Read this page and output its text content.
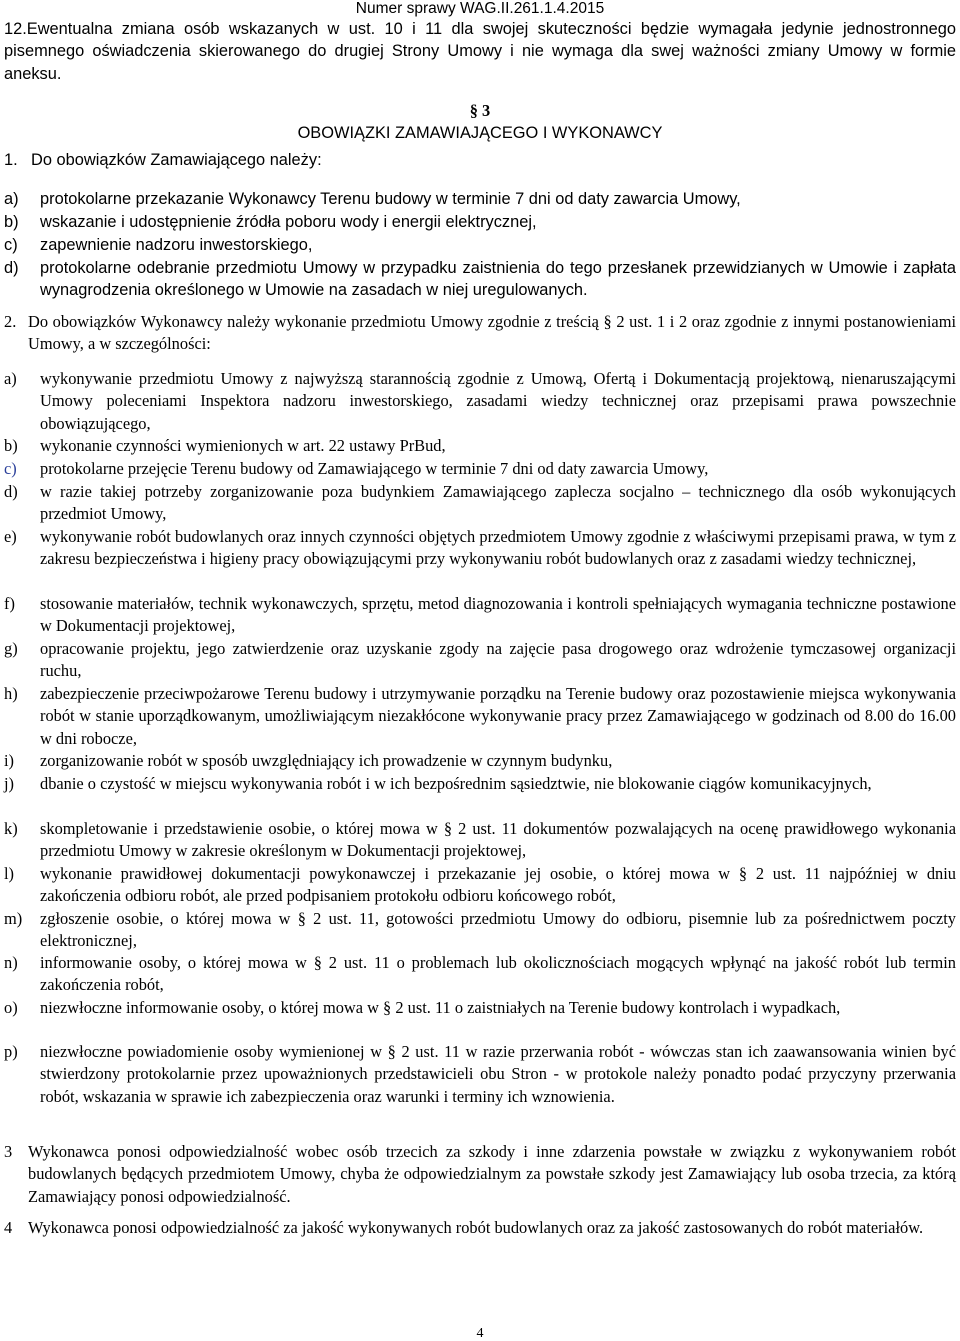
Numer sprawy WAG.II.261.1.4.2015
12.Ewentualna zmiana osób wskazanych w ust. 10 i 11 dla swojej skuteczności będzie wymagała jedynie jednostronnego pisemnego oświadczenia skierowanego do drugiej Strony Umowy i nie wymaga dla swej ważności zmiany Umowy w formie aneksu.
§ 3
OBOWIĄZKI ZAMAWIAJĄCEGO I WYKONAWCY
1. Do obowiązków Zamawiającego należy:
a) protokolarne przekazanie Wykonawcy Terenu budowy w terminie 7 dni od daty zawarcia Umowy,
b) wskazanie i udostępnienie źródła poboru wody i energii elektrycznej,
c) zapewnienie nadzoru inwestorskiego,
d) protokolarne odebranie przedmiotu Umowy w przypadku zaistnienia do tego przesłanek przewidzianych w Umowie i zapłata wynagrodzenia określonego w Umowie na zasadach w niej uregulowanych.
2. Do obowiązków Wykonawcy należy wykonanie przedmiotu Umowy zgodnie z treścią § 2 ust. 1 i 2 oraz zgodnie z innymi postanowieniami Umowy, a w szczególności:
a) wykonywanie przedmiotu Umowy z najwyższą starannością zgodnie z Umową, Ofertą i Dokumentacją projektową, nienaruszającymi Umowy poleceniami Inspektora nadzoru inwestorskiego, zasadami wiedzy technicznej oraz przepisami prawa powszechnie obowiązującego,
b) wykonanie czynności wymienionych w art. 22 ustawy PrBud,
c) protokolarne przejęcie Terenu budowy od Zamawiającego w terminie 7 dni od daty zawarcia Umowy,
d) w razie takiej potrzeby zorganizowanie poza budynkiem Zamawiającego zaplecza socjalno – technicznego dla osób wykonujących przedmiot Umowy,
e) wykonywanie robót budowlanych oraz innych czynności objętych przedmiotem Umowy zgodnie z właściwymi przepisami prawa, w tym z zakresu bezpieczeństwa i higieny pracy obowiązującymi przy wykonywaniu robót budowlanych oraz z zasadami wiedzy technicznej,
f) stosowanie materiałów, technik wykonawczych, sprzętu, metod diagnozowania i kontroli spełniających wymagania techniczne postawione w Dokumentacji projektowej,
g) opracowanie projektu, jego zatwierdzenie oraz uzyskanie zgody na zajęcie pasa drogowego oraz wdrożenie tymczasowej organizacji ruchu,
h) zabezpieczenie przeciwpożarowe Terenu budowy i utrzymywanie porządku na Terenie budowy oraz pozostawienie miejsca wykonywania robót w stanie uporządkowanym, umożliwiającym niezakłócone wykonywanie pracy przez Zamawiającego w godzinach od 8.00 do 16.00 w dni robocze,
i) zorganizowanie robót w sposób uwzględniający ich prowadzenie w czynnym budynku,
j) dbanie o czystość w miejscu wykonywania robót i w ich bezpośrednim sąsiedztwie, nie blokowanie ciągów komunikacyjnych,
k) skompletowanie i przedstawienie osobie, o której mowa w § 2 ust. 11 dokumentów pozwalających na ocenę prawidłowego wykonania przedmiotu Umowy w zakresie określonym w Dokumentacji projektowej,
l) wykonanie prawidłowej dokumentacji powykonawczej i przekazanie jej osobie, o której mowa w § 2 ust. 11 najpóźniej w dniu zakończenia odbioru robót, ale przed podpisaniem protokołu odbioru końcowego robót,
m) zgłoszenie osobie, o której mowa w § 2 ust. 11, gotowości przedmiotu Umowy do odbioru, pisemnie lub za pośrednictwem poczty elektronicznej,
n) informowanie osoby, o której mowa w § 2 ust. 11 o problemach lub okolicznościach mogących wpłynąć na jakość robót lub termin zakończenia robót,
o) niezwłoczne informowanie osoby, o której mowa w § 2 ust. 11 o zaistniałych na Terenie budowy kontrolach i wypadkach,
p) niezwłoczne powiadomienie osoby wymienionej w § 2 ust. 11 w razie przerwania robót - wówczas stan ich zaawansowania winien być stwierdzony protokolarnie przez upoważnionych przedstawicieli obu Stron - w protokole należy ponadto podać przyczyny przerwania robót, wskazania w sprawie ich zabezpieczenia oraz warunki i terminy ich wznowienia.
3 Wykonawca ponosi odpowiedzialność wobec osób trzecich za szkody i inne zdarzenia powstałe w związku z wykonywaniem robót budowlanych będących przedmiotem Umowy, chyba że odpowiedzialnym za powstałe szkody jest Zamawiający lub osoba trzecia, za którą Zamawiający ponosi odpowiedzialność.
4 Wykonawca ponosi odpowiedzialność za jakość wykonywanych robót budowlanych oraz za jakość zastosowanych do robót materiałów.
4
